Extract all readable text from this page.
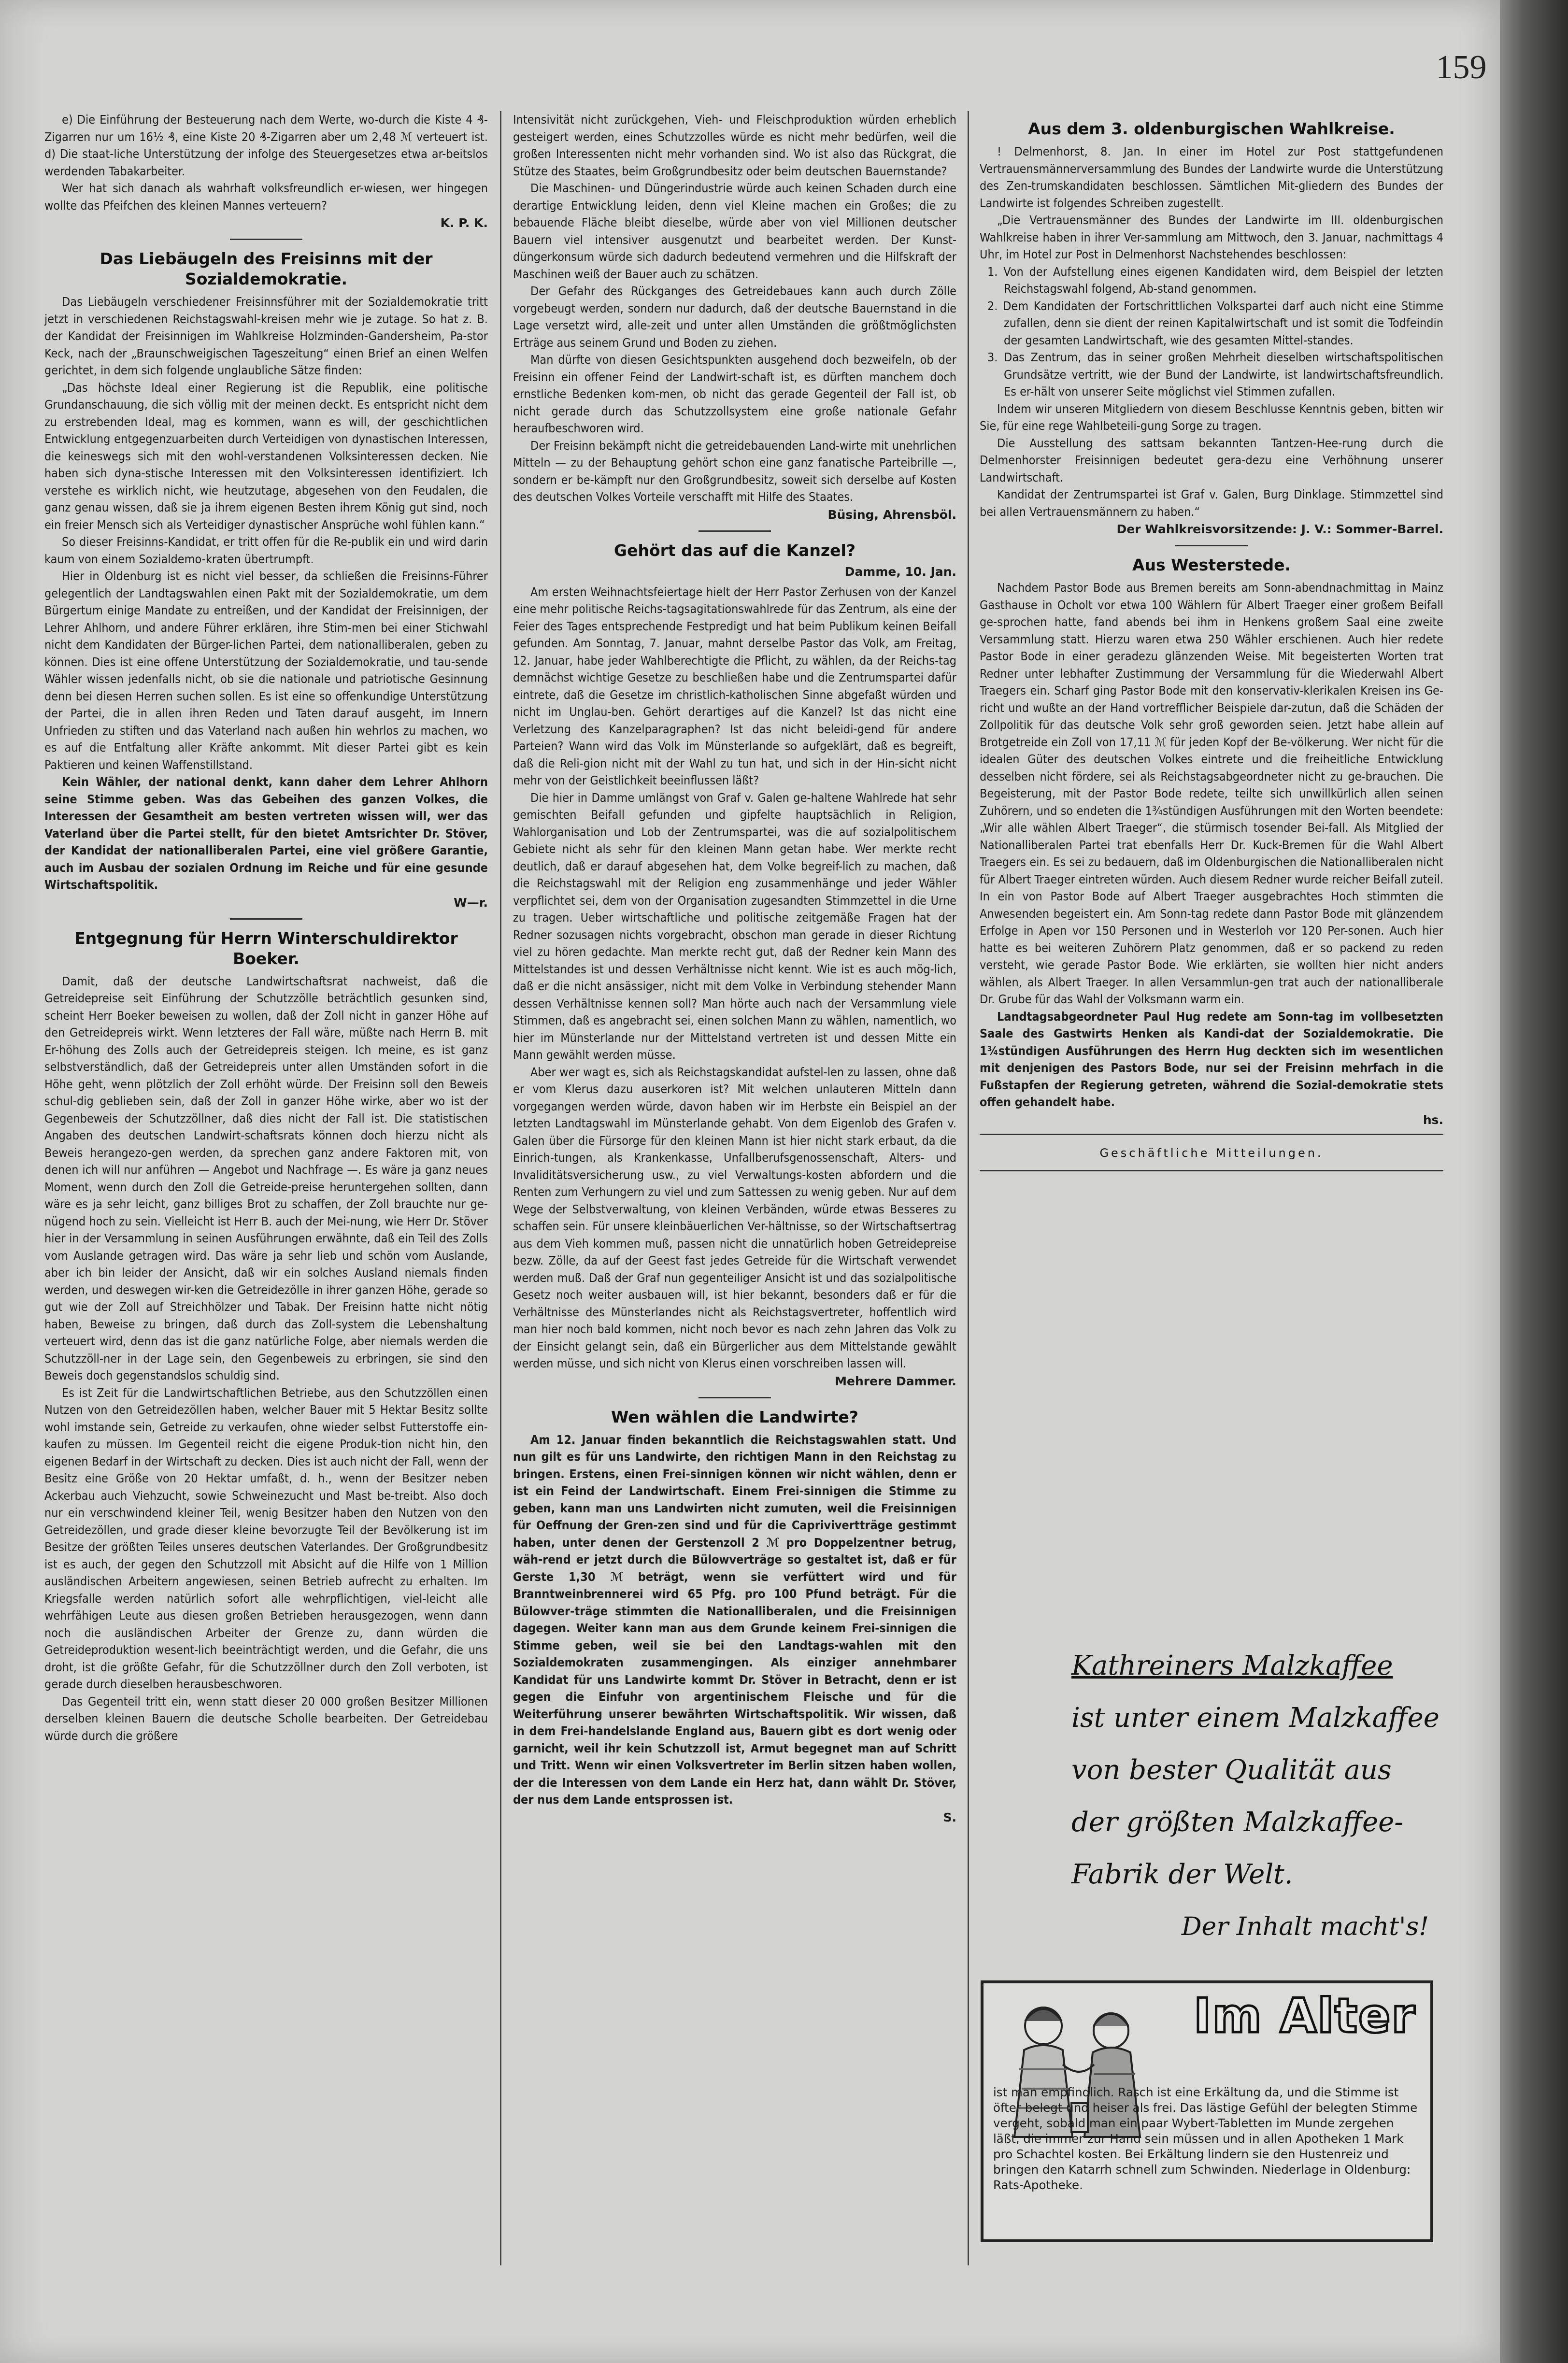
159

e) Die Einführung der Besteuerung nach dem Werte, wo-durch die Kiste 4 ₰-Zigarren nur um 16½ ₰, eine Kiste 20 ₰-Zigarren aber um 2,48 ℳ verteuert ist. d) Die staat-liche Unterstützung der infolge des Steuergesetzes etwa ar-beitslos werdenden Tabakarbeiter.

Wer hat sich danach als wahrhaft volksfreundlich er-wiesen, wer hingegen wollte das Pfeifchen des kleinen Mannes verteuern?

K. P. K.
Das Liebäugeln des Freisinns mit der Sozialdemokratie.

Das Liebäugeln verschiedener Freisinnsführer mit der Sozialdemokratie tritt jetzt in verschiedenen Reichstagswahl-kreisen mehr wie je zutage. So hat z. B. der Kandidat der Freisinnigen im Wahlkreise Holzminden-Gandersheim, Pa-stor Keck, nach der „Braunschweigischen Tageszeitung“ einen Brief an einen Welfen gerichtet, in dem sich folgende unglaubliche Sätze finden:

„Das höchste Ideal einer Regierung ist die Republik, eine politische Grundanschauung, die sich völlig mit der meinen deckt. Es entspricht nicht dem zu erstrebenden Ideal, mag es kommen, wann es will, der geschichtlichen Entwicklung entgegenzuarbeiten durch Verteidigen von dynastischen Interessen, die keineswegs sich mit den wohl-verstandenen Volksinteressen decken. Nie haben sich dyna-stische Interessen mit den Volksinteressen identifiziert. Ich verstehe es wirklich nicht, wie heutzutage, abgesehen von den Feudalen, die ganz genau wissen, daß sie ja ihrem eigenen Besten ihrem König gut sind, noch ein freier Mensch sich als Verteidiger dynastischer Ansprüche wohl fühlen kann.“

So dieser Freisinns-Kandidat, er tritt offen für die Re-publik ein und wird darin kaum von einem Sozialdemo-kraten übertrumpft.

Hier in Oldenburg ist es nicht viel besser, da schließen die Freisinns-Führer gelegentlich der Landtagswahlen einen Pakt mit der Sozialdemokratie, um dem Bürgertum einige Mandate zu entreißen, und der Kandidat der Freisinnigen, der Lehrer Ahlhorn, und andere Führer erklären, ihre Stim-men bei einer Stichwahl nicht dem Kandidaten der Bürger-lichen Partei, dem nationalliberalen, geben zu können. Dies ist eine offene Unterstützung der Sozialdemokratie, und tau-sende Wähler wissen jedenfalls nicht, ob sie die nationale und patriotische Gesinnung denn bei diesen Herren suchen sollen. Es ist eine so offenkundige Unterstützung der Partei, die in allen ihren Reden und Taten darauf ausgeht, im Innern Unfrieden zu stiften und das Vaterland nach außen hin wehrlos zu machen, wo es auf die Entfaltung aller Kräfte ankommt. Mit dieser Partei gibt es kein Paktieren und keinen Waffenstillstand.

Kein Wähler, der national denkt, kann daher dem Lehrer Ahlhorn seine Stimme geben. Was das Gebeihen des ganzen Volkes, die Interessen der Gesamtheit am besten vertreten wissen will, wer das Vaterland über die Partei stellt, für den bietet Amtsrichter Dr. Stöver, der Kandidat der nationalliberalen Partei, eine viel größere Garantie, auch im Ausbau der sozialen Ordnung im Reiche und für eine gesunde Wirtschaftspolitik.

W—r.
Entgegnung für Herrn Winterschuldirektor Boeker.

Damit, daß der deutsche Landwirtschaftsrat nachweist, daß die Getreidepreise seit Einführung der Schutzzölle beträchtlich gesunken sind, scheint Herr Boeker beweisen zu wollen, daß der Zoll nicht in ganzer Höhe auf den Getreidepreis wirkt. Wenn letzteres der Fall wäre, müßte nach Herrn B. mit Er-höhung des Zolls auch der Getreidepreis steigen. Ich meine, es ist ganz selbstverständlich, daß der Getreidepreis unter allen Umständen sofort in die Höhe geht, wenn plötzlich der Zoll erhöht würde. Der Freisinn soll den Beweis schul-dig geblieben sein, daß der Zoll in ganzer Höhe wirke, aber wo ist der Gegenbeweis der Schutzzöllner, daß dies nicht der Fall ist. Die statistischen Angaben des deutschen Landwirt-schaftsrats können doch hierzu nicht als Beweis herangezo-gen werden, da sprechen ganz andere Faktoren mit, von denen ich will nur anführen — Angebot und Nachfrage —. Es wäre ja ganz neues Moment, wenn durch den Zoll die Getreide-preise heruntergehen sollten, dann wäre es ja sehr leicht, ganz billiges Brot zu schaffen, der Zoll brauchte nur ge-nügend hoch zu sein. Vielleicht ist Herr B. auch der Mei-nung, wie Herr Dr. Stöver hier in der Versammlung in seinen Ausführungen erwähnte, daß ein Teil des Zolls vom Auslande getragen wird. Das wäre ja sehr lieb und schön vom Auslande, aber ich bin leider der Ansicht, daß wir ein solches Ausland niemals finden werden, und deswegen wir-ken die Getreidezölle in ihrer ganzen Höhe, gerade so gut wie der Zoll auf Streichhölzer und Tabak. Der Freisinn hatte nicht nötig haben, Beweise zu bringen, daß durch das Zoll-system die Lebenshaltung verteuert wird, denn das ist die ganz natürliche Folge, aber niemals werden die Schutzzöll-ner in der Lage sein, den Gegenbeweis zu erbringen, sie sind den Beweis doch gegenstandslos schuldig sind.

Es ist Zeit für die Landwirtschaftlichen Betriebe, aus den Schutzzöllen einen Nutzen von den Getreidezöllen haben, welcher Bauer mit 5 Hektar Besitz sollte wohl imstande sein, Getreide zu verkaufen, ohne wieder selbst Futterstoffe ein-kaufen zu müssen. Im Gegenteil reicht die eigene Produk-tion nicht hin, den eigenen Bedarf in der Wirtschaft zu decken. Dies ist auch nicht der Fall, wenn der Besitz eine Größe von 20 Hektar umfaßt, d. h., wenn der Besitzer neben Ackerbau auch Viehzucht, sowie Schweinezucht und Mast be-treibt. Also doch nur ein verschwindend kleiner Teil, wenig Besitzer haben den Nutzen von den Getreidezöllen, und grade dieser kleine bevorzugte Teil der Bevölkerung ist im Besitze der größten Teiles unseres deutschen Vaterlandes. Der Großgrundbesitz ist es auch, der gegen den Schutzzoll mit Absicht auf die Hilfe von 1 Million ausländischen Arbeitern angewiesen, seinen Betrieb aufrecht zu erhalten. Im Kriegsfalle werden natürlich sofort alle wehrpflichtigen, viel-leicht alle wehrfähigen Leute aus diesen großen Betrieben herausgezogen, wenn dann noch die ausländischen Arbeiter der Grenze zu, dann würden die Getreideproduktion wesent-lich beeinträchtigt werden, und die Gefahr, die uns droht, ist die größte Gefahr, für die Schutzzöllner durch den Zoll verboten, ist gerade durch dieselben herausbeschworen.

Das Gegenteil tritt ein, wenn statt dieser 20 000 großen Besitzer Millionen derselben kleinen Bauern die deutsche Scholle bearbeiten. Der Getreidebau würde durch die größere

Intensivität nicht zurückgehen, Vieh- und Fleischproduktion würden erheblich gesteigert werden, eines Schutzzolles würde es nicht mehr bedürfen, weil die großen Interessenten nicht mehr vorhanden sind. Wo ist also das Rückgrat, die Stütze des Staates, beim Großgrundbesitz oder beim deutschen Bauernstande?

Die Maschinen- und Düngerindustrie würde auch keinen Schaden durch eine derartige Entwicklung leiden, denn viel Kleine machen ein Großes; die zu bebauende Fläche bleibt dieselbe, würde aber von viel Millionen deutscher Bauern viel intensiver ausgenutzt und bearbeitet werden. Der Kunst-düngerkonsum würde sich dadurch bedeutend vermehren und die Hilfskraft der Maschinen weiß der Bauer auch zu schätzen.

Der Gefahr des Rückganges des Getreidebaues kann auch durch Zölle vorgebeugt werden, sondern nur dadurch, daß der deutsche Bauernstand in die Lage versetzt wird, alle-zeit und unter allen Umständen die größtmöglichsten Erträge aus seinem Grund und Boden zu ziehen.

Man dürfte von diesen Gesichtspunkten ausgehend doch bezweifeln, ob der Freisinn ein offener Feind der Landwirt-schaft ist, es dürften manchem doch ernstliche Bedenken kom-men, ob nicht das gerade Gegenteil der Fall ist, ob nicht gerade durch das Schutzzollsystem eine große nationale Gefahr heraufbeschworen wird.

Der Freisinn bekämpft nicht die getreidebauenden Land-wirte mit unehrlichen Mitteln — zu der Behauptung gehört schon eine ganz fanatische Parteibrille —, sondern er be-kämpft nur den Großgrundbesitz, soweit sich derselbe auf Kosten des deutschen Volkes Vorteile verschafft mit Hilfe des Staates.

Büsing, Ahrensböl.
Gehört das auf die Kanzel?
Damme, 10. Jan.

Am ersten Weihnachtsfeiertage hielt der Herr Pastor Zerhusen von der Kanzel eine mehr politische Reichs-tagsagitationswahlrede für das Zentrum, als eine der Feier des Tages entsprechende Festpredigt und hat beim Publikum keinen Beifall gefunden. Am Sonntag, 7. Januar, mahnt derselbe Pastor das Volk, am Freitag, 12. Januar, habe jeder Wahlberechtigte die Pflicht, zu wählen, da der Reichs-tag demnächst wichtige Gesetze zu beschließen habe und die Zentrumspartei dafür eintrete, daß die Gesetze im christlich-katholischen Sinne abgefaßt würden und nicht im Unglau-ben. Gehört derartiges auf die Kanzel? Ist das nicht eine Verletzung des Kanzelparagraphen? Ist das nicht beleidi-gend für andere Parteien? Wann wird das Volk im Münsterlande so aufgeklärt, daß es begreift, daß die Reli-gion nicht mit der Wahl zu tun hat, und sich in der Hin-sicht nicht mehr von der Geistlichkeit beeinflussen läßt?

Die hier in Damme umlängst von Graf v. Galen ge-haltene Wahlrede hat sehr gemischten Beifall gefunden und gipfelte hauptsächlich in Religion, Wahlorganisation und Lob der Zentrumspartei, was die auf sozialpolitischem Gebiete nicht als sehr für den kleinen Mann getan habe. Wer merkte recht deutlich, daß er darauf abgesehen hat, dem Volke begreif-lich zu machen, daß die Reichstagswahl mit der Religion eng zusammenhänge und jeder Wähler verpflichtet sei, dem von der Organisation zugesandten Stimmzettel in die Urne zu tragen. Ueber wirtschaftliche und politische zeitgemäße Fragen hat der Redner sozusagen nichts vorgebracht, obschon man gerade in dieser Richtung viel zu hören gedachte. Man merkte recht gut, daß der Redner kein Mann des Mittelstandes ist und dessen Verhältnisse nicht kennt. Wie ist es auch mög-lich, daß er die nicht ansässiger, nicht mit dem Volke in Verbindung stehender Mann dessen Verhältnisse kennen soll? Man hörte auch nach der Versammlung viele Stimmen, daß es angebracht sei, einen solchen Mann zu wählen, namentlich, wo hier im Münsterlande nur der Mittelstand vertreten ist und dessen Mitte ein Mann gewählt werden müsse.

Aber wer wagt es, sich als Reichstagskandidat aufstel-len zu lassen, ohne daß er vom Klerus dazu auserkoren ist? Mit welchen unlauteren Mitteln dann vorgegangen werden würde, davon haben wir im Herbste ein Beispiel an der letzten Landtagswahl im Münsterlande gehabt. Von dem Eigenlob des Grafen v. Galen über die Fürsorge für den kleinen Mann ist hier nicht stark erbaut, da die Einrich-tungen, als Krankenkasse, Unfallberufsgenossenschaft, Alters- und Invaliditätsversicherung usw., zu viel Verwaltungs-kosten abfordern und die Renten zum Verhungern zu viel und zum Sattessen zu wenig geben. Nur auf dem Wege der Selbstverwaltung, von kleinen Verbänden, würde etwas Besseres zu schaffen sein. Für unsere kleinbäuerlichen Ver-hältnisse, so der Wirtschaftsertrag aus dem Vieh kommen muß, passen nicht die unnatürlich hoben Getreidepreise bezw. Zölle, da auf der Geest fast jedes Getreide für die Wirtschaft verwendet werden muß. Daß der Graf nun gegenteiliger Ansicht ist und das sozialpolitische Gesetz noch weiter ausbauen will, ist hier bekannt, besonders daß er für die Verhältnisse des Münsterlandes nicht als Reichstagsvertreter, hoffentlich wird man hier noch bald kommen, nicht noch bevor es nach zehn Jahren das Volk zu der Einsicht gelangt sein, daß ein Bürgerlicher aus dem Mittelstande gewählt werden müsse, und sich nicht von Klerus einen vorschreiben lassen will.

Mehrere Dammer.
Wen wählen die Landwirte?

Am 12. Januar finden bekanntlich die Reichstagswahlen statt. Und nun gilt es für uns Landwirte, den richtigen Mann in den Reichstag zu bringen. Erstens, einen Frei-sinnigen können wir nicht wählen, denn er ist ein Feind der Landwirtschaft. Einem Frei-sinnigen die Stimme zu geben, kann man uns Landwirten nicht zumuten, weil die Freisinnigen für Oeffnung der Gren-zen sind und für die Caprivivertträge gestimmt haben, unter denen der Gerstenzoll 2 ℳ pro Doppelzentner betrug, wäh-rend er jetzt durch die Bülowverträge so gestaltet ist, daß er für Gerste 1,30 ℳ beträgt, wenn sie verfüttert wird und für Branntweinbrennerei wird 65 Pfg. pro 100 Pfund beträgt. Für die Bülowver-träge stimmten die Nationalliberalen, und die Freisinnigen dagegen. Weiter kann man aus dem Grunde keinem Frei-sinnigen die Stimme geben, weil sie bei den Landtags-wahlen mit den Sozialdemokraten zusammengingen. Als einziger annehmbarer Kandidat für uns Landwirte kommt Dr. Stöver in Betracht, denn er ist gegen die Einfuhr von argentinischem Fleische und für die Weiterführung unserer bewährten Wirtschaftspolitik. Wir wissen, daß in dem Frei-handelslande England aus, Bauern gibt es dort wenig oder garnicht, weil ihr kein Schutzzoll ist, Armut begegnet man auf Schritt und Tritt. Wenn wir einen Volksvertreter im Berlin sitzen haben wollen, der die Interessen von dem Lande ein Herz hat, dann wählt Dr. Stöver, der nus dem Lande entsprossen ist.

S.
Aus dem 3. oldenburgischen Wahlkreise.

! Delmenhorst, 8. Jan. In einer im Hotel zur Post stattgefundenen Vertrauensmännerversammlung des Bundes der Landwirte wurde die Unterstützung des Zen-trumskandidaten beschlossen. Sämtlichen Mit-gliedern des Bundes der Landwirte ist folgendes Schreiben zugestellt.

„Die Vertrauensmänner des Bundes der Landwirte im III. oldenburgischen Wahlkreise haben in ihrer Ver-sammlung am Mittwoch, den 3. Januar, nachmittags 4 Uhr, im Hotel zur Post in Delmenhorst Nachstehendes beschlossen:

1. Von der Aufstellung eines eigenen Kandidaten wird, dem Beispiel der letzten Reichstagswahl folgend, Ab-stand genommen.

2. Dem Kandidaten der Fortschrittlichen Volkspartei darf auch nicht eine Stimme zufallen, denn sie dient der reinen Kapitalwirtschaft und ist somit die Todfeindin der gesamten Landwirtschaft, wie des gesamten Mittel-standes.

3. Das Zentrum, das in seiner großen Mehrheit dieselben wirtschaftspolitischen Grundsätze vertritt, wie der Bund der Landwirte, ist landwirtschaftsfreundlich. Es er-hält von unserer Seite möglichst viel Stimmen zufallen.

Indem wir unseren Mitgliedern von diesem Beschlusse Kenntnis geben, bitten wir Sie, für eine rege Wahlbeteili-gung Sorge zu tragen.

Die Ausstellung des sattsam bekannten Tantzen-Hee-rung durch die Delmenhorster Freisinnigen bedeutet gera-dezu eine Verhöhnung unserer Landwirtschaft.

Kandidat der Zentrumspartei ist Graf v. Galen, Burg Dinklage. Stimmzettel sind bei allen Vertrauensmännern zu haben.“

Der Wahlkreisvorsitzende: J. V.: Sommer-Barrel.
Aus Westerstede.

Nachdem Pastor Bode aus Bremen bereits am Sonn-abendnachmittag in Mainz Gasthause in Ocholt vor etwa 100 Wählern für Albert Traeger einer großem Beifall ge-sprochen hatte, fand abends bei ihm in Henkens großem Saal eine zweite Versammlung statt. Hierzu waren etwa 250 Wähler erschienen. Auch hier redete Pastor Bode in einer geradezu glänzenden Weise. Mit begeisterten Worten trat Redner unter lebhafter Zustimmung der Versammlung für die Wiederwahl Albert Traegers ein. Scharf ging Pastor Bode mit den konservativ-klerikalen Kreisen ins Ge-richt und wußte an der Hand vortrefflicher Beispiele dar-zutun, daß die Schäden der Zollpolitik für das deutsche Volk sehr groß geworden seien. Jetzt habe allein auf Brotgetreide ein Zoll von 17,11 ℳ für jeden Kopf der Be-völkerung. Wer nicht für die idealen Güter des deutschen Volkes eintrete und die freiheitliche Entwicklung desselben nicht fördere, sei als Reichstagsabgeordneter nicht zu ge-brauchen. Die Begeisterung, mit der Pastor Bode redete, teilte sich unwillkürlich allen seinen Zuhörern, und so endeten die 1¾stündigen Ausführungen mit den Worten beendete: „Wir alle wählen Albert Traeger“, die stürmisch tosender Bei-fall. Als Mitglied der Nationalliberalen Partei trat ebenfalls Herr Dr. Kuck-Bremen für die Wahl Albert Traegers ein. Es sei zu bedauern, daß im Oldenburgischen die Nationalliberalen nicht für Albert Traeger eintreten würden. Auch diesem Redner wurde reicher Beifall zuteil. In ein von Pastor Bode auf Albert Traeger ausgebrachtes Hoch stimmten die Anwesenden begeistert ein. Am Sonn-tag redete dann Pastor Bode mit glänzendem Erfolge in Apen vor 150 Personen und in Westerloh vor 120 Per-sonen. Auch hier hatte es bei weiteren Zuhörern Platz genommen, daß er so packend zu reden versteht, wie gerade Pastor Bode. Wie erklärten, sie wollten hier nicht anders wählen, als Albert Traeger. In allen Versammlun-gen trat auch der nationalliberale Dr. Grube für das Wahl der Volksmann warm ein.

Landtagsabgeordneter Paul Hug redete am Sonn-tag im vollbesetzten Saale des Gastwirts Henken als Kandi-dat der Sozialdemokratie. Die 1¾stündigen Ausführungen des Herrn Hug deckten sich im wesentlichen mit denjenigen des Pastors Bode, nur sei der Freisinn mehrfach in die Fußstapfen der Regierung getreten, während die Sozial-demokratie stets offen gehandelt habe.

hs.
Geschäftliche Mitteilungen.
Kathreiners Malzkaffee
ist unter einem Malzkaffee
von bester Qualität aus
der größten Malzkaffee-
Fabrik der Welt.
Der Inhalt macht's!
Im Alter
ist man empfindlich. Rasch ist eine Erkältung da, und die Stimme ist öfter belegt und heiser als frei. Das lästige Gefühl der belegten Stimme vergeht, sobald man ein paar Wybert-Tabletten im Munde zergehen läßt, die immer zur Hand sein müssen und in allen Apotheken 1 Mark pro Schachtel kosten. Bei Erkältung lindern sie den Hustenreiz und bringen den Katarrh schnell zum Schwinden. Niederlage in Oldenburg: Rats-Apotheke.
